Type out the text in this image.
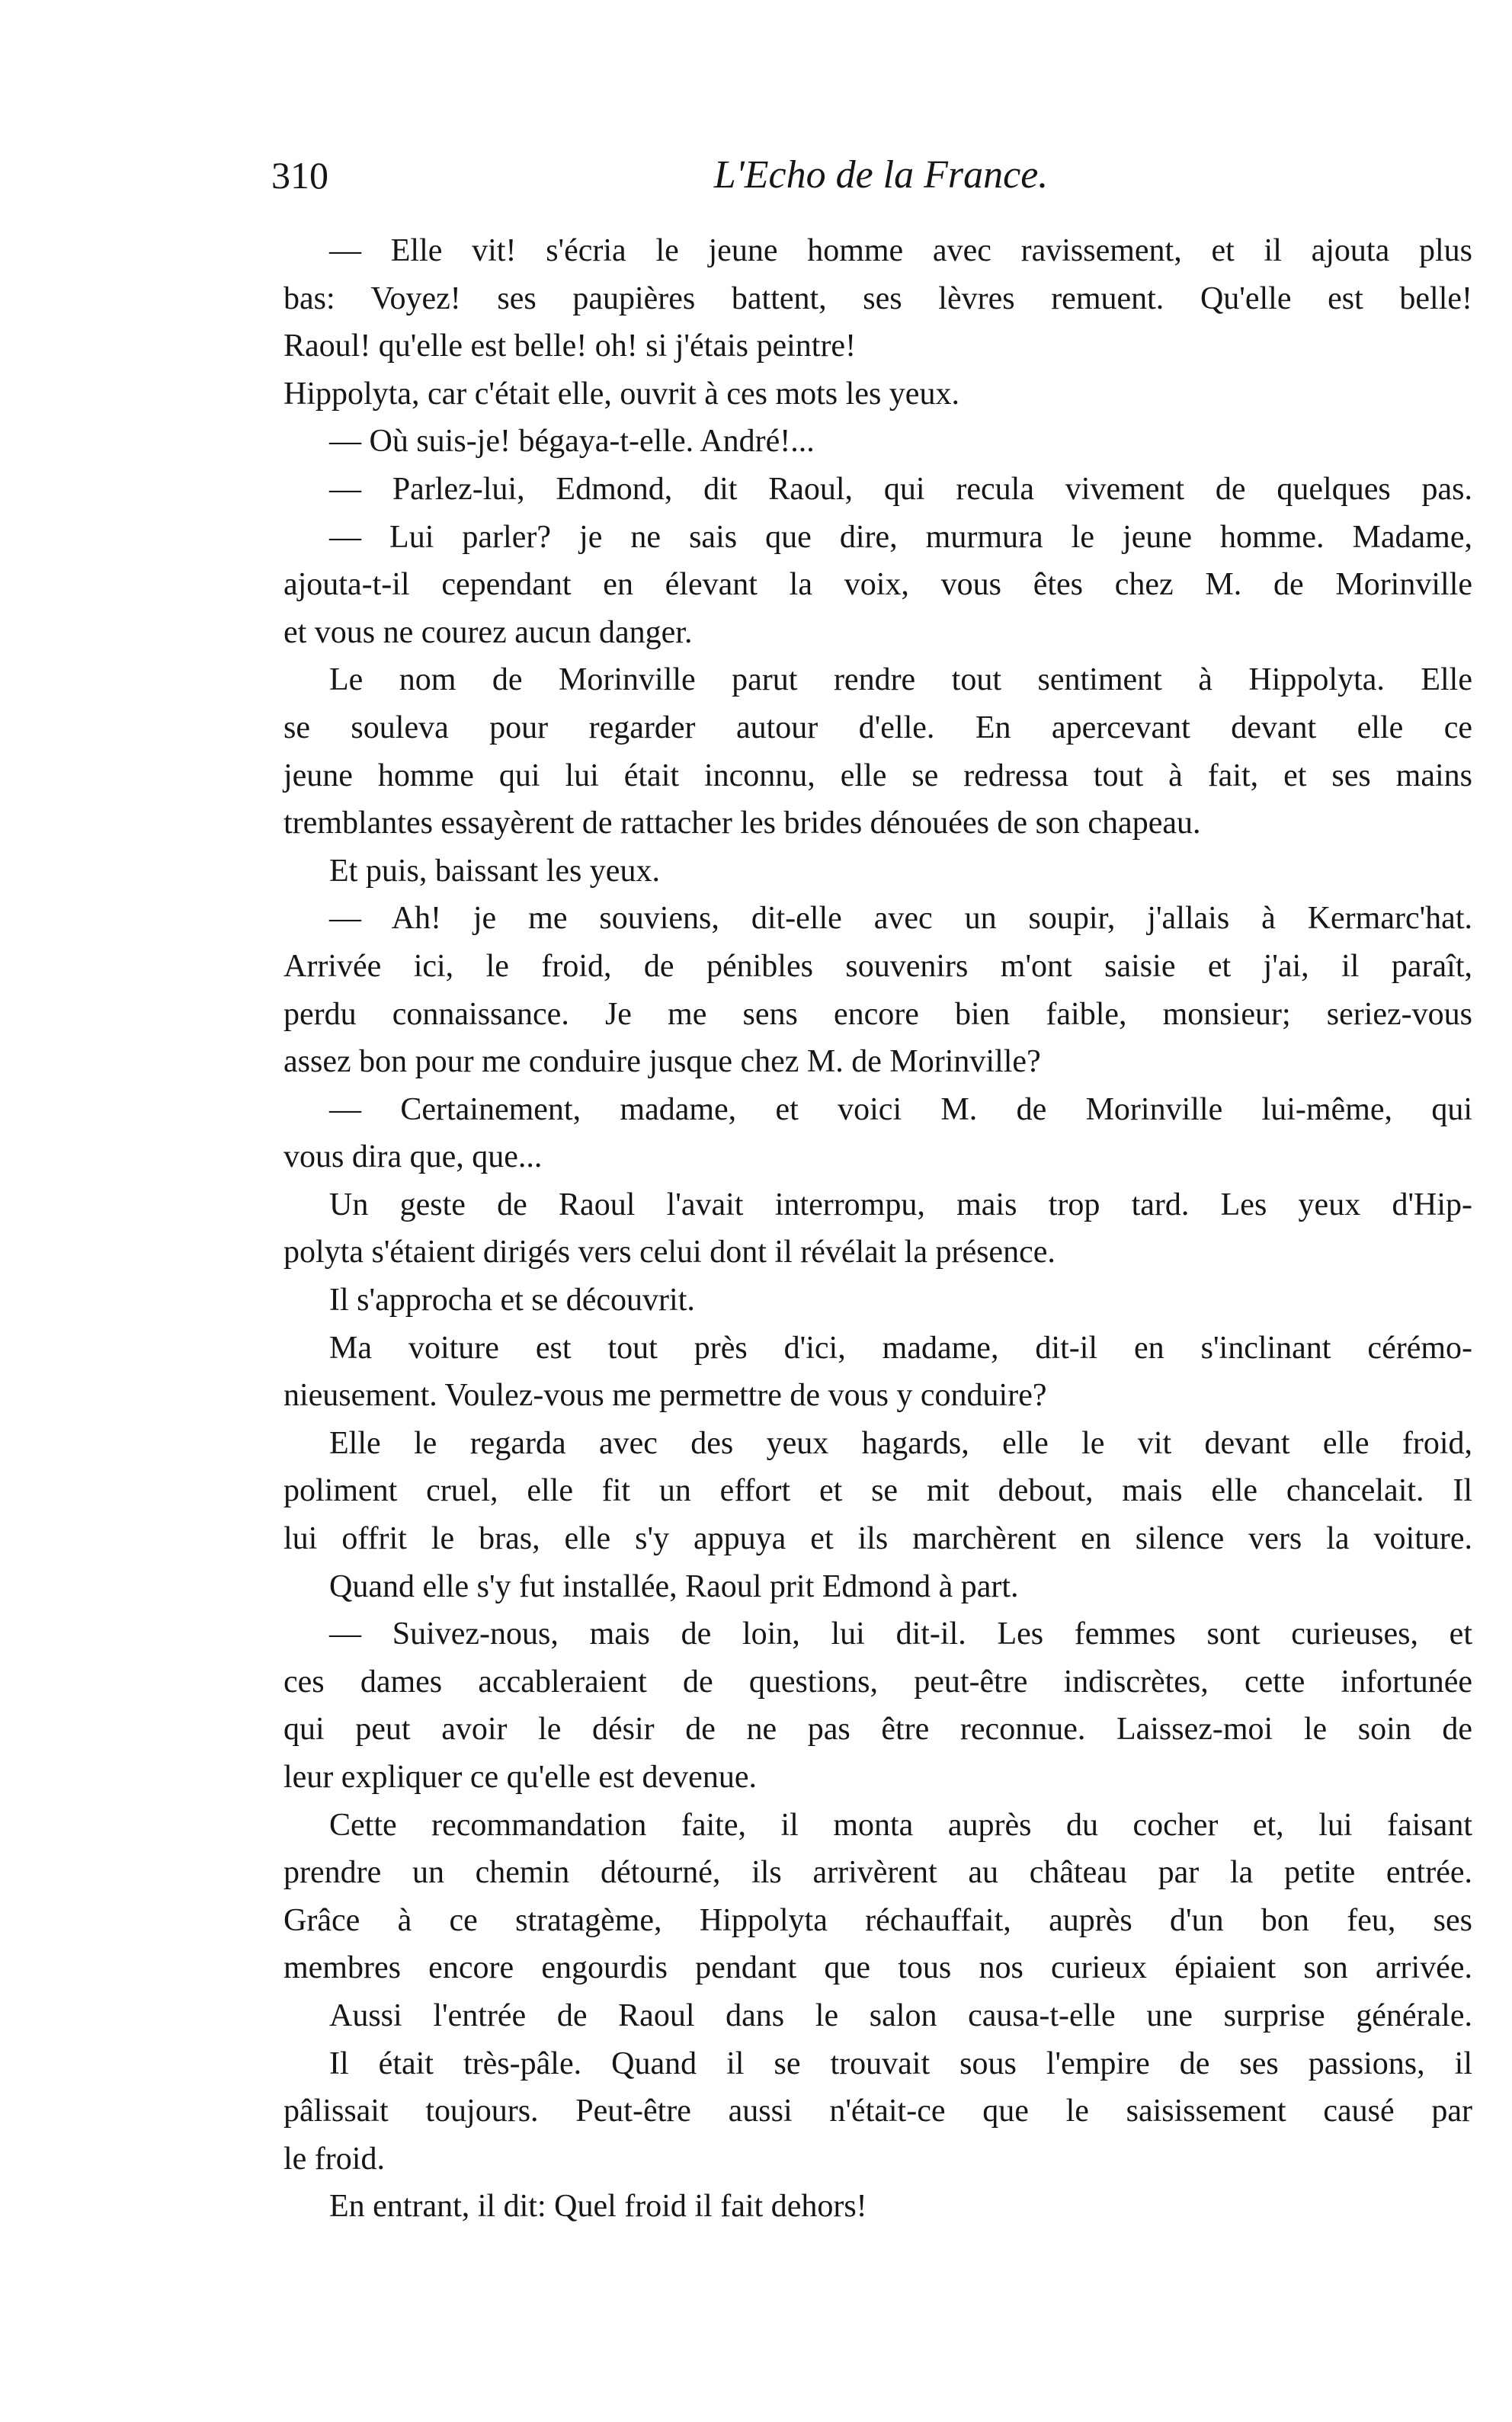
310	L'Echo de la France.
— Elle vit! s'écria le jeune homme avec ravissement, et il ajouta plus
bas: Voyez! ses paupières battent, ses lèvres remuent. Qu'elle est belle!
Raoul! qu'elle est belle! oh! si j'étais peintre!
Hippolyta, car c'était elle, ouvrit à ces mots les yeux.
— Où suis-je! bégaya-t-elle. André!...
— Parlez-lui, Edmond, dit Raoul, qui recula vivement de quelques pas.
— Lui parler? je ne sais que dire, murmura le jeune homme. Madame,
ajouta-t-il cependant en élevant la voix, vous êtes chez M. de Morinville
et vous ne courez aucun danger.
Le nom de Morinville parut rendre tout sentiment à Hippolyta. Elle
se souleva pour regarder autour d'elle. En apercevant devant elle ce
jeune homme qui lui était inconnu, elle se redressa tout à fait, et ses mains
tremblantes essayèrent de rattacher les brides dénouées de son chapeau.
Et puis, baissant les yeux.
— Ah! je me souviens, dit-elle avec un soupir, j'allais à Kermarc'hat.
Arrivée ici, le froid, de pénibles souvenirs m'ont saisie et j'ai, il paraît,
perdu connaissance. Je me sens encore bien faible, monsieur; seriez-vous
assez bon pour me conduire jusque chez M. de Morinville?
— Certainement, madame, et voici M. de Morinville lui-même, qui
vous dira que, que...
Un geste de Raoul l'avait interrompu, mais trop tard. Les yeux d'Hip-
polyta s'étaient dirigés vers celui dont il révélait la présence.
Il s'approcha et se découvrit.
Ma voiture est tout près d'ici, madame, dit-il en s'inclinant cérémo-
nieusement. Voulez-vous me permettre de vous y conduire?
Elle le regarda avec des yeux hagards, elle le vit devant elle froid,
poliment cruel, elle fit un effort et se mit debout, mais elle chancelait. Il
lui offrit le bras, elle s'y appuya et ils marchèrent en silence vers la voiture.
Quand elle s'y fut installée, Raoul prit Edmond à part.
— Suivez-nous, mais de loin, lui dit-il. Les femmes sont curieuses, et
ces dames accableraient de questions, peut-être indiscrètes, cette infortunée
qui peut avoir le désir de ne pas être reconnue. Laissez-moi le soin de
leur expliquer ce qu'elle est devenue.
Cette recommandation faite, il monta auprès du cocher et, lui faisant
prendre un chemin détourné, ils arrivèrent au château par la petite entrée.
Grâce à ce stratagème, Hippolyta réchauffait, auprès d'un bon feu, ses
membres encore engourdis pendant que tous nos curieux épiaient son arrivée.
Aussi l'entrée de Raoul dans le salon causa-t-elle une surprise générale.
Il était très-pâle. Quand il se trouvait sous l'empire de ses passions, il
pâlissait toujours. Peut-être aussi n'était-ce que le saisissement causé par
le froid.
En entrant, il dit: Quel froid il fait dehors!
